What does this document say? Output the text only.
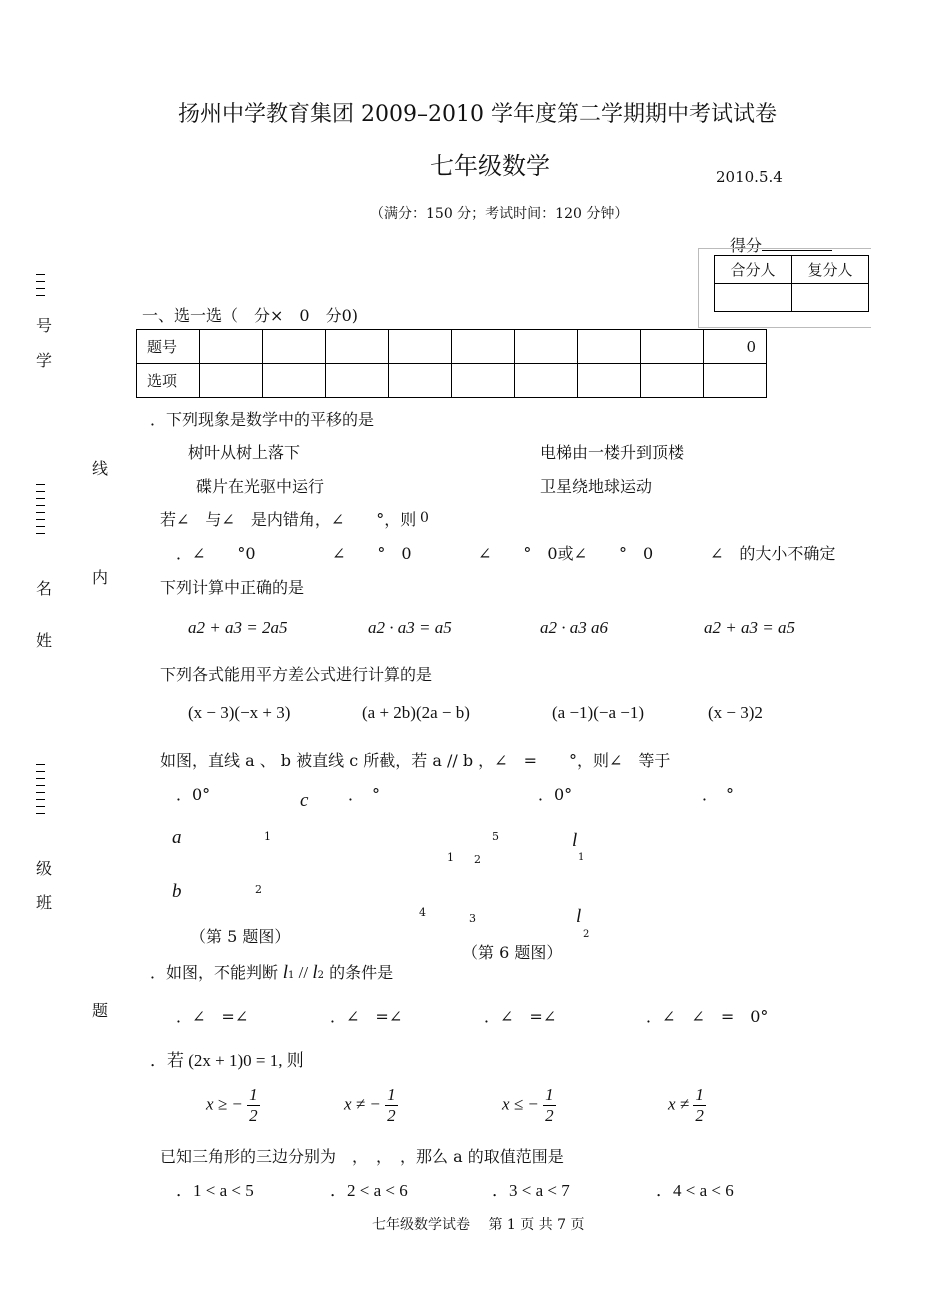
扬州中学教育集团 2009–2010 学年度第二学期期中考试试卷
七年级数学	2010.5.4
（满分：150 分；考试时间：120 分钟）
得分
合分人	复分人

号
学
线
内
名
姓
级
班
题
一、选一选（　分×　0　分0)
题号									0
选项									
．下列现象是数学中的平移的是
树叶从树上落下	电梯由一楼升到顶楼
碟片在光驱中运行	卫星绕地球运动
若∠　与∠　是内错角，∠　　°，则 0
．∠　　°0	∠　　°　0	∠　　°　0或∠　　°　0	∠　的大小不确定
下列计算中正确的是
a2 + a3 = 2a5	a2 · a3 = a5	a2 · a3 a6	a2 + a3 = a5
下列各式能用平方差公式进行计算的是
(x − 3)(−x + 3)	(a + 2b)(2a − b)	(a −1)(−a −1)	(x − 3)2
如图，直线 a 、 b 被直线 c 所截，若 a // b ，∠　=　　°，则∠　等于
．0°	．　°	．0°	．　°
c
a	1
b	2
（第 5 题图）
5
1 2
l
1
4	3	l
2
（第 6 题图）
．如图，不能判断 l1 // l2 的条件是
．∠　=∠	．∠　=∠	．∠　=∠	．∠　∠　=　0°
．若 (2x + 1)0 = 1, 则
x ≥ − $\frac{1}{2}$	x ≠ − $\frac{1}{2}$	x ≤ − $\frac{1}{2}$	$x \ne \frac{1}{2}$
已知三角形的三边分别为　，　，　，那么 a 的取值范围是
．1 < a < 5	．2 < a < 6	．3 < a < 7	．4 < a < 6
七年级数学试卷　 第 1 页 共 7 页
